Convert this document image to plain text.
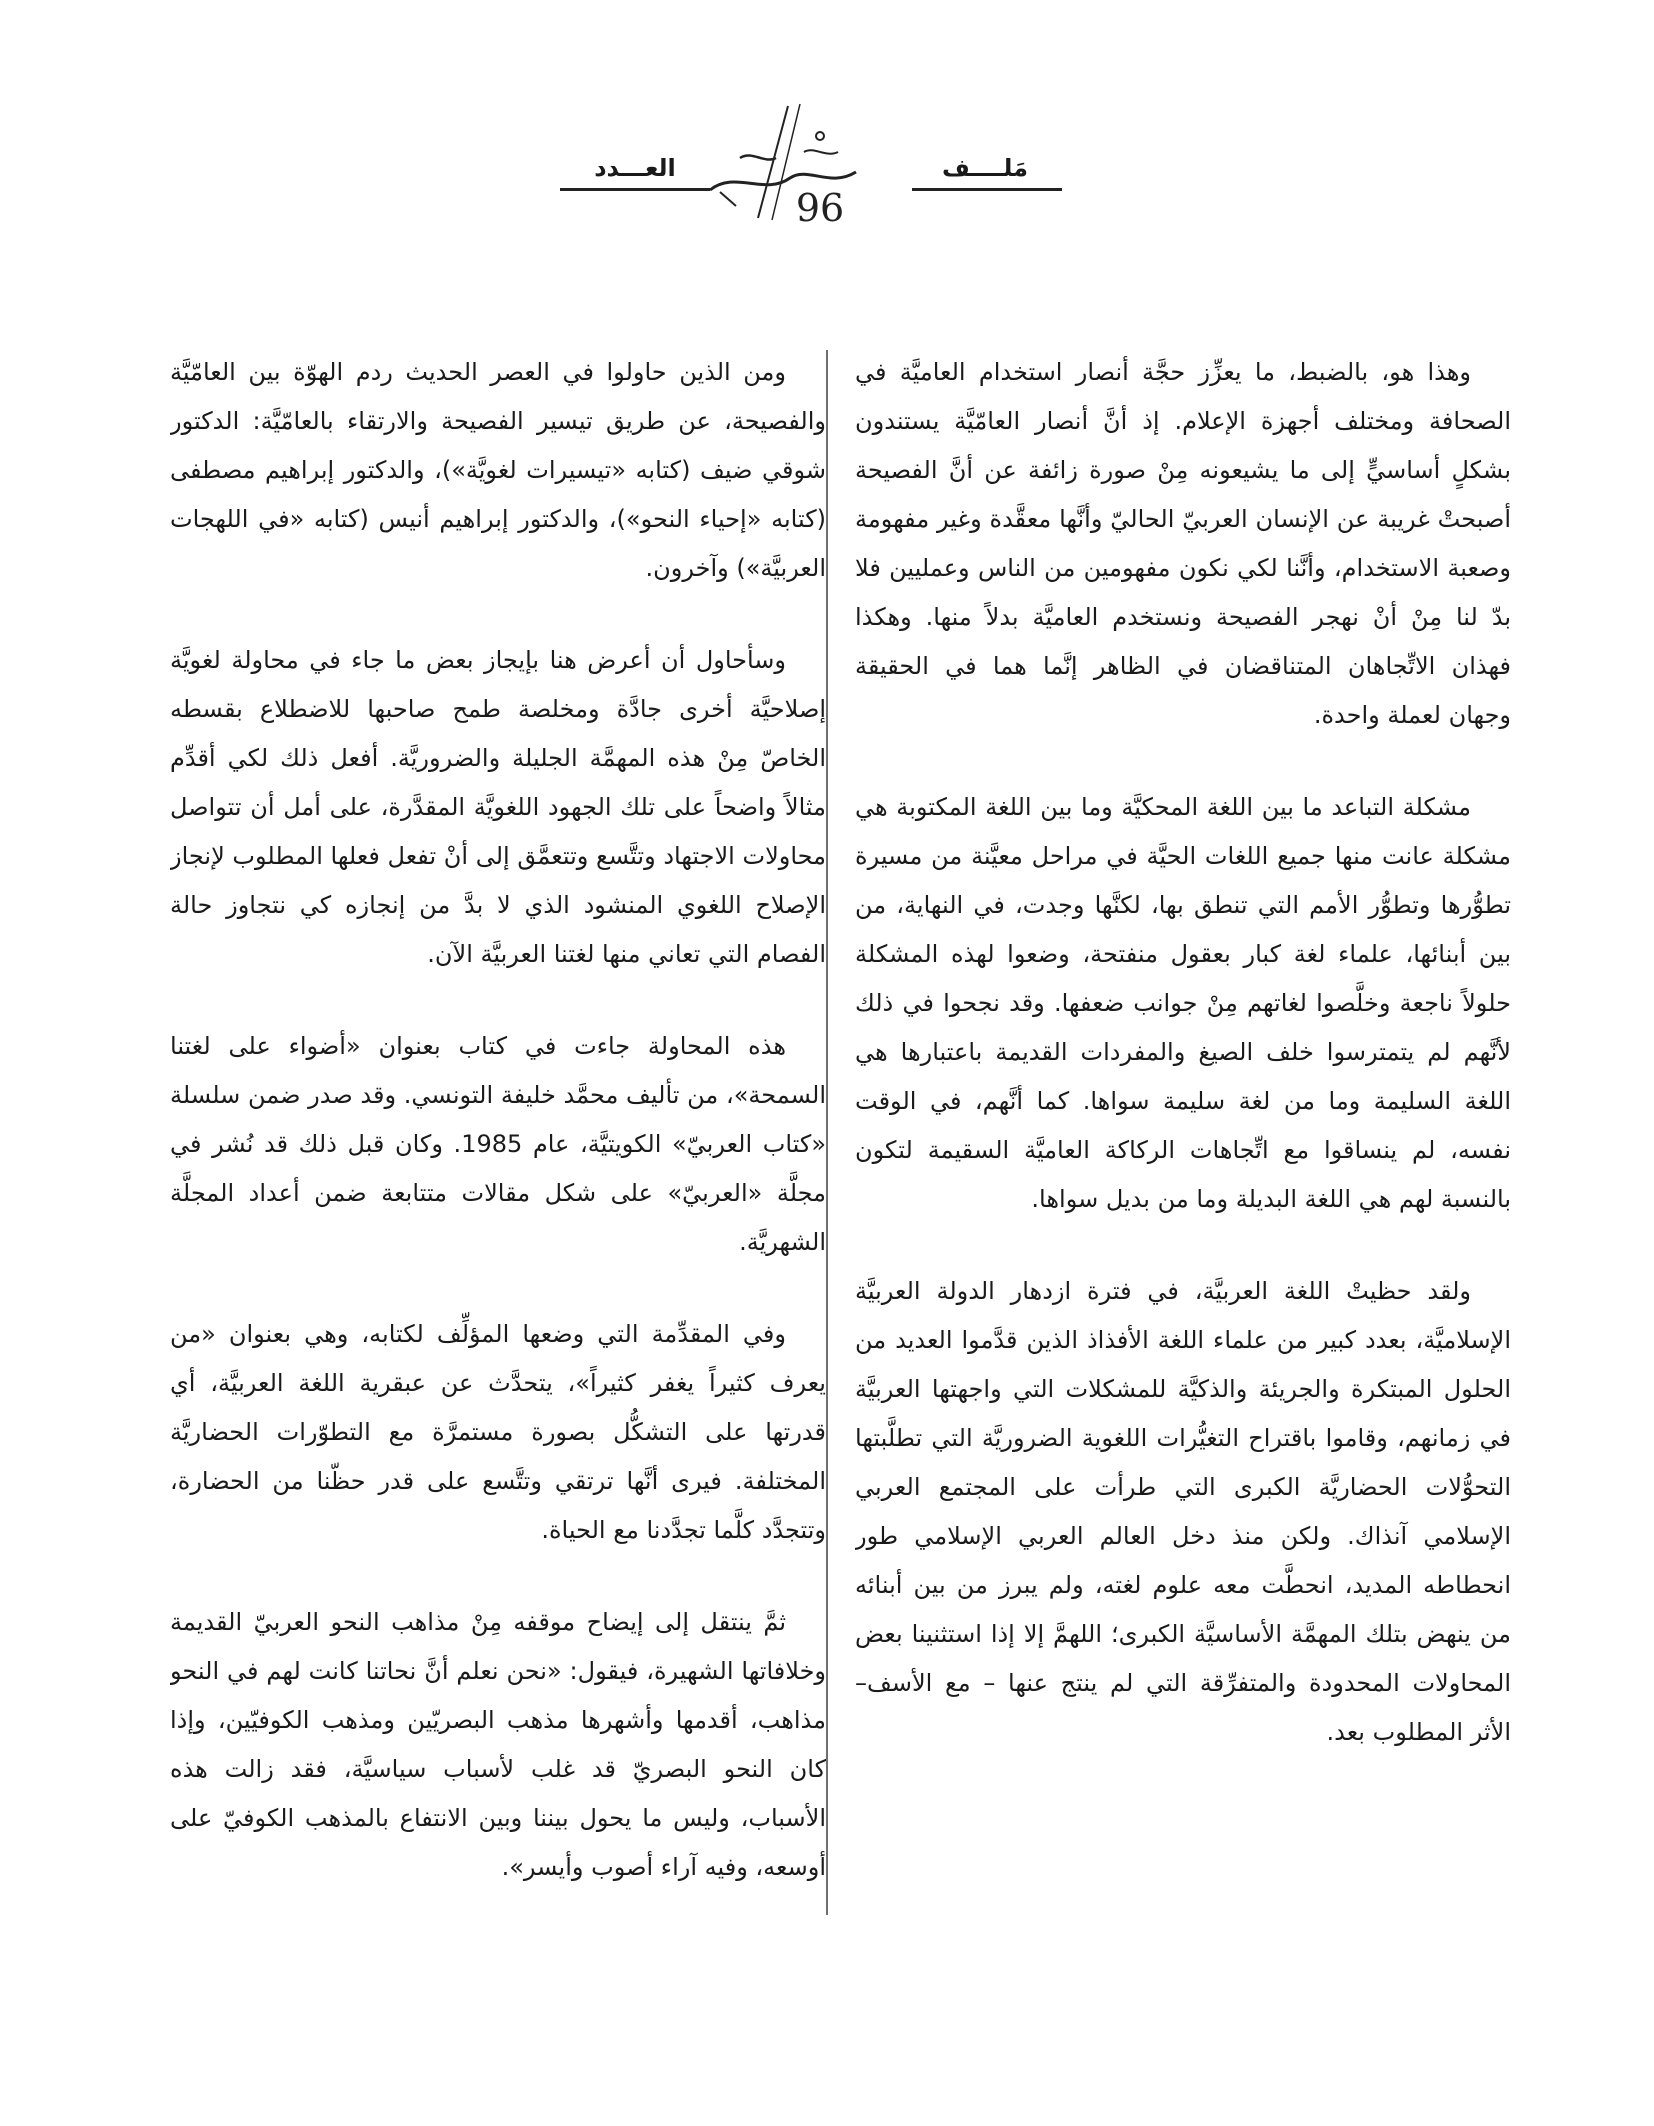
مَلــــف
العـــدد
96

وهذا هو، بالضبط، ما يعزِّز حجَّة أنصار استخدام العاميَّة في الصحافة ومختلف أجهزة الإعلام. إذ أنَّ أنصار العامّيَّة يستندون بشكلٍ أساسيٍّ إلى ما يشيعونه مِنْ صورة زائفة عن أنَّ الفصيحة أصبحتْ غريبة عن الإنسان العربيّ الحاليّ وأنَّها معقَّدة وغير مفهومة وصعبة الاستخدام، وأنَّنا لكي نكون مفهومين من الناس وعمليين فلا بدّ لنا مِنْ أنْ نهجر الفصيحة ونستخدم العاميَّة بدلاً منها. وهكذا فهذان الاتِّجاهان المتناقضان في الظاهر إنَّما هما في الحقيقة وجهان لعملة واحدة.

مشكلة التباعد ما بين اللغة المحكيَّة وما بين اللغة المكتوبة هي مشكلة عانت منها جميع اللغات الحيَّة في مراحل معيَّنة من مسيرة تطوُّرها وتطوُّر الأمم التي تنطق بها، لكنَّها وجدت، في النهاية، من بين أبنائها، علماء لغة كبار بعقول منفتحة، وضعوا لهذه المشكلة حلولاً ناجعة وخلَّصوا لغاتهم مِنْ جوانب ضعفها. وقد نجحوا في ذلك لأنَّهم لم يتمترسوا خلف الصيغ والمفردات القديمة باعتبارها هي اللغة السليمة وما من لغة سليمة سواها. كما أنَّهم، في الوقت نفسه، لم ينساقوا مع اتِّجاهات الركاكة العاميَّة السقيمة لتكون بالنسبة لهم هي اللغة البديلة وما من بديل سواها.

ولقد حظيتْ اللغة العربيَّة، في فترة ازدهار الدولة العربيَّة الإسلاميَّة، بعدد كبير من علماء اللغة الأفذاذ الذين قدَّموا العديد من الحلول المبتكرة والجريئة والذكيَّة للمشكلات التي واجهتها العربيَّة في زمانهم، وقاموا باقتراح التغيُّرات اللغوية الضروريَّة التي تطلَّبتها التحوُّلات الحضاريَّة الكبرى التي طرأت على المجتمع العربي الإسلامي آنذاك. ولكن منذ دخل العالم العربي الإسلامي طور انحطاطه المديد، انحطَّت معه علوم لغته، ولم يبرز من بين أبنائه من ينهض بتلك المهمَّة الأساسيَّة الكبرى؛ اللهمَّ إلا إذا استثنينا بعض المحاولات المحدودة والمتفرِّقة التي لم ينتج عنها – مع الأسف– الأثر المطلوب بعد.

ومن الذين حاولوا في العصر الحديث ردم الهوّة بين العامّيَّة والفصيحة، عن طريق تيسير الفصيحة والارتقاء بالعامّيَّة: الدكتور شوقي ضيف (كتابه «تيسيرات لغويَّة»)، والدكتور إبراهيم مصطفى (كتابه «إحياء النحو»)، والدكتور إبراهيم أنيس (كتابه «في اللهجات العربيَّة») وآخرون.

وسأحاول أن أعرض هنا بإيجاز بعض ما جاء في محاولة لغويَّة إصلاحيَّة أخرى جادَّة ومخلصة طمح صاحبها للاضطلاع بقسطه الخاصّ مِنْ هذه المهمَّة الجليلة والضروريَّة. أفعل ذلك لكي أقدِّم مثالاً واضحاً على تلك الجهود اللغويَّة المقدَّرة، على أمل أن تتواصل محاولات الاجتهاد وتتَّسع وتتعمَّق إلى أنْ تفعل فعلها المطلوب لإنجاز الإصلاح اللغوي المنشود الذي لا بدَّ من إنجازه كي نتجاوز حالة الفصام التي تعاني منها لغتنا العربيَّة الآن.

هذه المحاولة جاءت في كتاب بعنوان «أضواء على لغتنا السمحة»، من تأليف محمَّد خليفة التونسي. وقد صدر ضمن سلسلة «كتاب العربيّ» الكويتيَّة، عام 1985. وكان قبل ذلك قد نُشر في مجلَّة «العربيّ» على شكل مقالات متتابعة ضمن أعداد المجلَّة الشهريَّة.

وفي المقدِّمة التي وضعها المؤلِّف لكتابه، وهي بعنوان «من يعرف كثيراً يغفر كثيراً»، يتحدَّث عن عبقرية اللغة العربيَّة، أي قدرتها على التشكُّل بصورة مستمرَّة مع التطوّرات الحضاريَّة المختلفة. فيرى أنَّها ترتقي وتتَّسع على قدر حظّنا من الحضارة، وتتجدَّد كلَّما تجدَّدنا مع الحياة.

ثمَّ ينتقل إلى إيضاح موقفه مِنْ مذاهب النحو العربيّ القديمة وخلافاتها الشهيرة، فيقول: «نحن نعلم أنَّ نحاتنا كانت لهم في النحو مذاهب، أقدمها وأشهرها مذهب البصريّين ومذهب الكوفيّين، وإذا كان النحو البصريّ قد غلب لأسباب سياسيَّة، فقد زالت هذه الأسباب، وليس ما يحول بيننا وبين الانتفاع بالمذهب الكوفيّ على أوسعه، وفيه آراء أصوب وأيسر».
